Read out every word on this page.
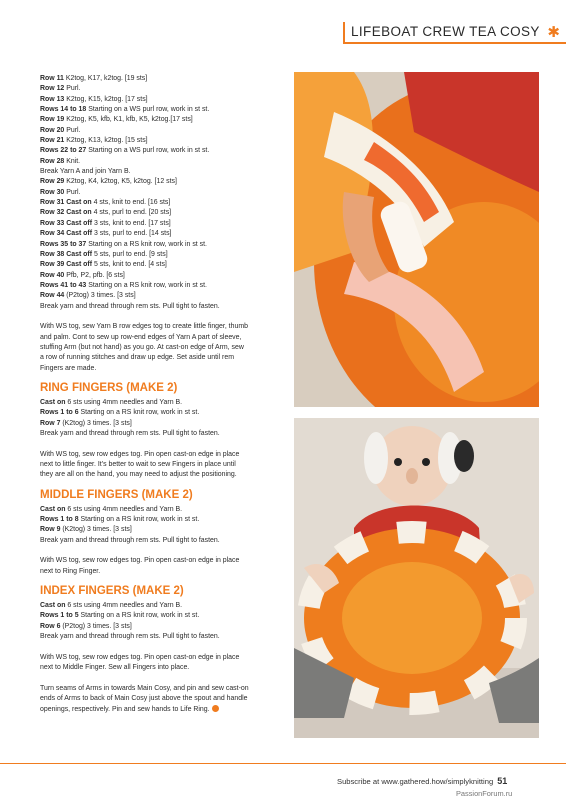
LIFEBOAT CREW TEA COSY ✱

Row 11 K2tog, K17, k2tog. [19 sts]

Row 12 Purl.

Row 13 K2tog, K15, k2tog. [17 sts]

Rows 14 to 18 Starting on a WS purl row, work in st st.

Row 19 K2tog, K5, kfb, K1, kfb, K5, k2tog.[17 sts]

Row 20 Purl.

Row 21 K2tog, K13, k2tog. [15 sts]

Rows 22 to 27 Starting on a WS purl row, work in st st.

Row 28 Knit.

Break Yarn A and join Yarn B.

Row 29 K2tog, K4, k2tog, K5, k2tog. [12 sts]

Row 30 Purl.

Row 31 Cast on 4 sts, knit to end. [16 sts]

Row 32 Cast on 4 sts, purl to end. [20 sts]

Row 33 Cast off 3 sts, knit to end. [17 sts]

Row 34 Cast off 3 sts, purl to end. [14 sts]

Rows 35 to 37 Starting on a RS knit row, work in st st.

Row 38 Cast off 5 sts, purl to end. [9 sts]

Row 39 Cast off 5 sts, knit to end. [4 sts]

Row 40 Pfb, P2, pfb. [6 sts]

Rows 41 to 43 Starting on a RS knit row, work in st st.

Row 44 (P2tog) 3 times. [3 sts]

Break yarn and thread through rem sts. Pull tight to fasten.

With WS tog, sew Yarn B row edges tog to create little finger, thumb

and palm. Cont to sew up row-end edges of Yarn A part of sleeve,

stuffing Arm (but not hand) as you go. At cast-on edge of Arm, sew

a row of running stitches and draw up edge. Set aside until rem

Fingers are made.

RING FINGERS (MAKE 2)

Cast on 6 sts using 4mm needles and Yarn B.

Rows 1 to 6 Starting on a RS knit row, work in st st.

Row 7 (K2tog) 3 times. [3 sts]

Break yarn and thread through rem sts. Pull tight to fasten.

With WS tog, sew row edges tog. Pin open cast-on edge in place

next to little finger. It’s better to wait to sew Fingers in place until

they are all on the hand, you may need to adjust the positioning.

MIDDLE FINGERS (MAKE 2)

Cast on 6 sts using 4mm needles and Yarn B.

Rows 1 to 8 Starting on a RS knit row, work in st st.

Row 9 (K2tog) 3 times. [3 sts]

Break yarn and thread through rem sts. Pull tight to fasten.

With WS tog, sew row edges tog. Pin open cast-on edge in place

next to Ring Finger.

INDEX FINGERS (MAKE 2)

Cast on 6 sts using 4mm needles and Yarn B.

Rows 1 to 5 Starting on a RS knit row, work in st st.

Row 6 (P2tog) 3 times. [3 sts]

Break yarn and thread through rem sts. Pull tight to fasten.

With WS tog, sew row edges tog. Pin open cast-on edge in place

next to Middle Finger. Sew all Fingers into place.

Turn seams of Arms in towards Main Cosy, and pin and sew cast-on

ends of Arms to back of Main Cosy just above the spout and handle

openings, respectively. Pin and sew hands to Life Ring.

Subscribe at www.gathered.how/simplyknitting 51
PassionForum.ru
